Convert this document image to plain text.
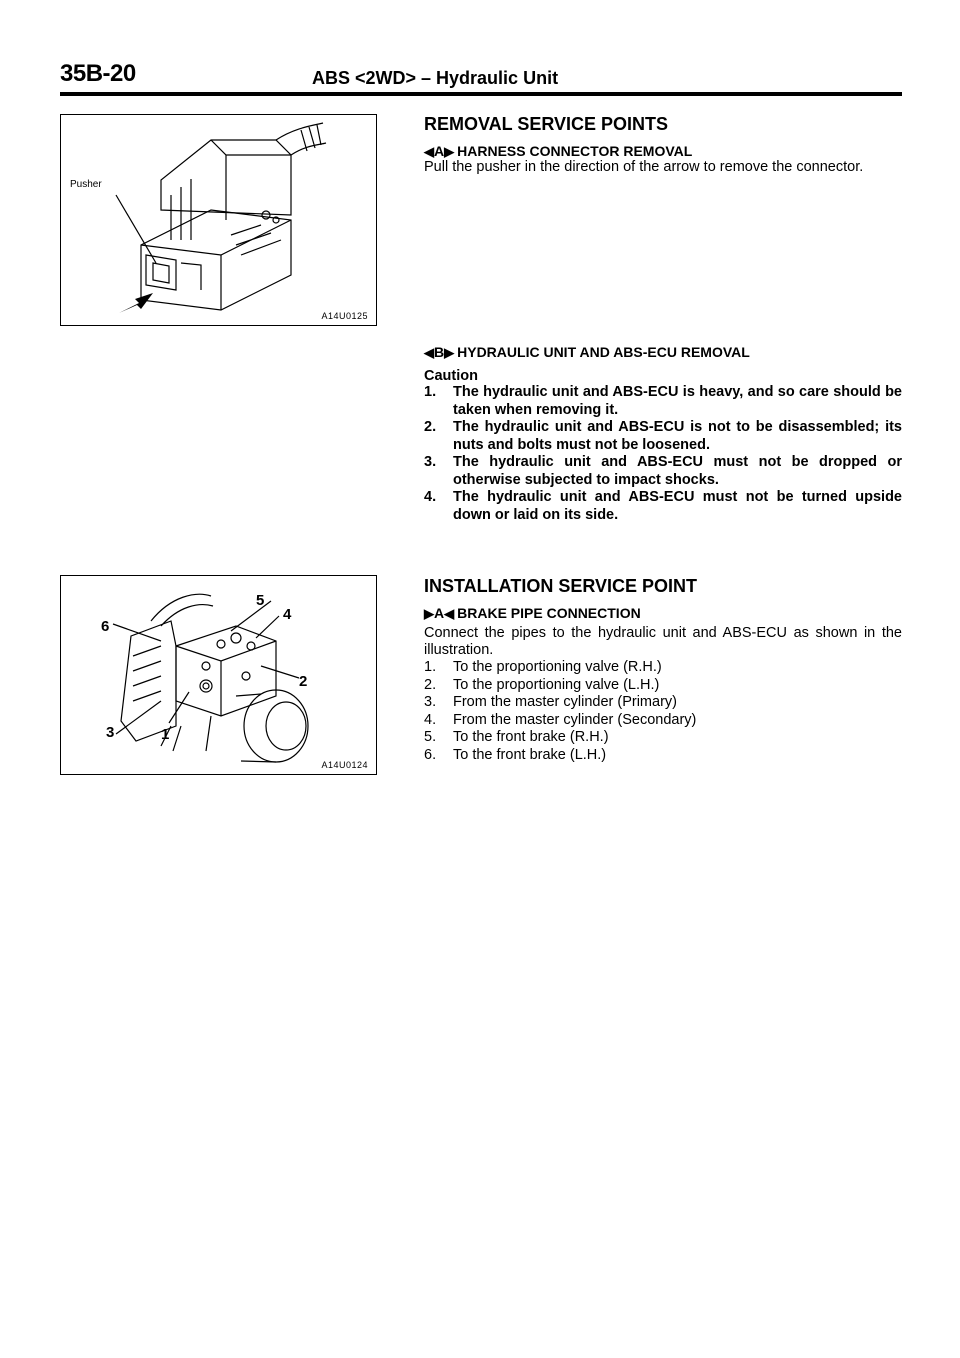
35B-20	ABS <2WD> – Hydraulic Unit
Pusher
A14U0125
1
2
3
4
5
6
A14U0124
REMOVAL SERVICE POINTS
◀ A ▶ HARNESS CONNECTOR REMOVAL

Pull the pusher in the direction of the arrow to remove the connector.

◀ B ▶ HYDRAULIC UNIT AND ABS-ECU REMOVAL
Caution
1. The hydraulic unit and ABS-ECU is heavy, and so care should be taken when removing it.
2. The hydraulic unit and ABS-ECU is not to be disassembled; its nuts and bolts must not be loosened.
3. The hydraulic unit and ABS-ECU must not be dropped or otherwise subjected to impact shocks.
4. The hydraulic unit and ABS-ECU must not be turned upside down or laid on its side.
INSTALLATION SERVICE POINT
▶ A ◀ BRAKE PIPE CONNECTION

Connect the pipes to the hydraulic unit and ABS-ECU as shown in the illustration.

1. To the proportioning valve (R.H.)
2. To the proportioning valve (L.H.)
3. From the master cylinder (Primary)
4. From the master cylinder (Secondary)
5. To the front brake (R.H.)
6. To the front brake (L.H.)
